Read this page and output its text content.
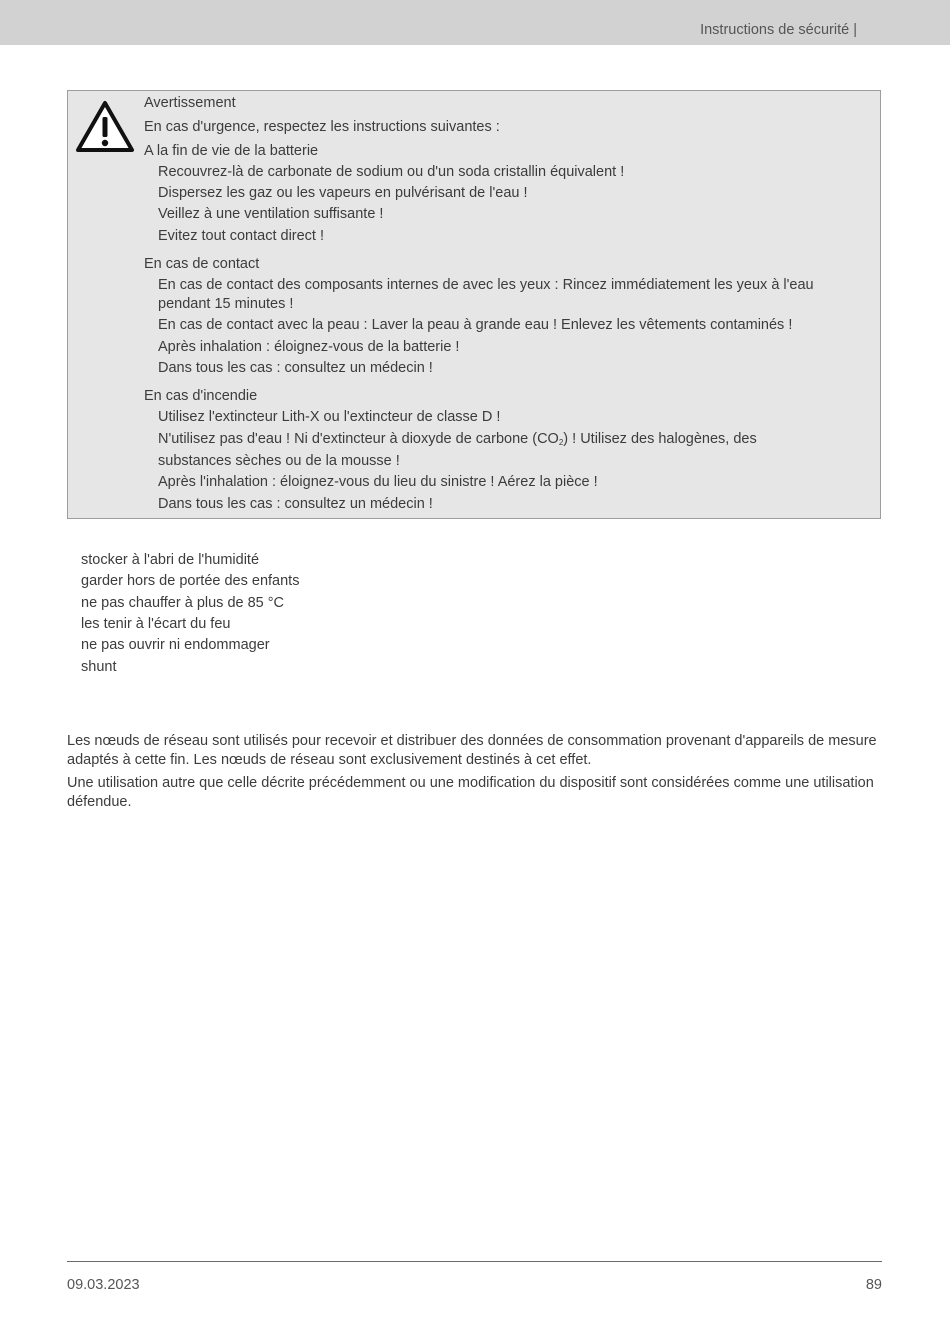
Instructions de sécurité |
Avertissement
En cas d'urgence, respectez les instructions suivantes :
A la fin de vie de la batterie
Recouvrez-là de carbonate de sodium ou d'un soda cristallin équivalent !
Dispersez les gaz ou les vapeurs en pulvérisant de l'eau !
Veillez à une ventilation suffisante !
Evitez tout contact direct !
En cas de contact
En cas de contact des composants internes de avec les yeux : Rincez immédiatement les yeux à l'eau pendant 15 minutes !
En cas de contact avec la peau : Laver la peau à grande eau ! Enlevez les vêtements contaminés !
Après inhalation : éloignez-vous de la batterie !
Dans tous les cas : consultez un médecin !
En cas d'incendie
Utilisez l'extincteur Lith-X ou l'extincteur de classe D !
N'utilisez pas d'eau ! Ni d'extincteur à dioxyde de carbone $(CO_2)$ ! Utilisez des halogènes, des
substances sèches ou de la mousse !
Après l'inhalation : éloignez-vous du lieu du sinistre ! Aérez la pièce !
Dans tous les cas : consultez un médecin !
stocker à l'abri de l'humidité
garder hors de portée des enfants
ne pas chauffer à plus de 85 °C
les tenir à l'écart du feu
ne pas ouvrir ni endommager
shunt
Les nœuds de réseau sont utilisés pour recevoir et distribuer des données de consommation provenant d'appareils de mesure adaptés à cette fin. Les nœuds de réseau sont exclusivement destinés à cet effet.
Une utilisation autre que celle décrite précédemment ou une modification du dispositif sont considérées comme une utilisation défendue.
09.03.2023	89
